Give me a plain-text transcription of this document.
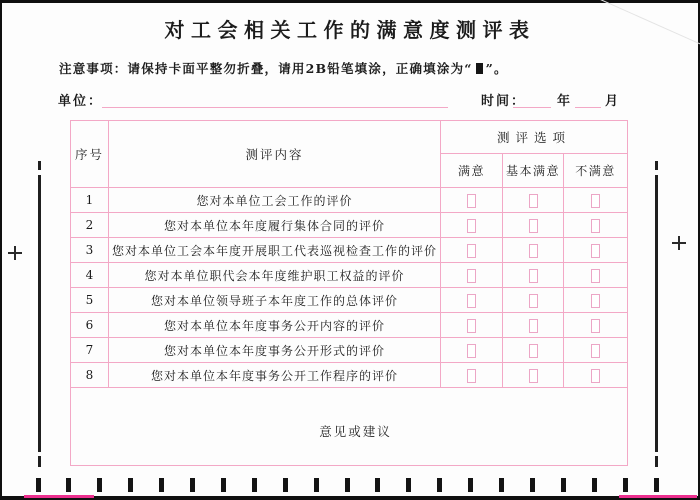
对工会相关工作的满意度测评表
注意事项：请保持卡面平整勿折叠，请用2B铅笔填涂，正确填涂为“ ”。
单位：	时间： 年	月
序号	测评内容	测评选项		
		满意	基本满意	不满意
1	您对本单位工会工作的评价			
2	您对本单位本年度履行集体合同的评价			
3	您对本单位工会本年度开展职工代表巡视检查工作的评价			
4	您对本单位职代会本年度维护职工权益的评价			
5	您对本单位领导班子本年度工作的总体评价			
6	您对本单位本年度事务公开内容的评价			
7	您对本单位本年度事务公开形式的评价			
8	您对本单位本年度事务公开工作程序的评价			
意见或建议				
